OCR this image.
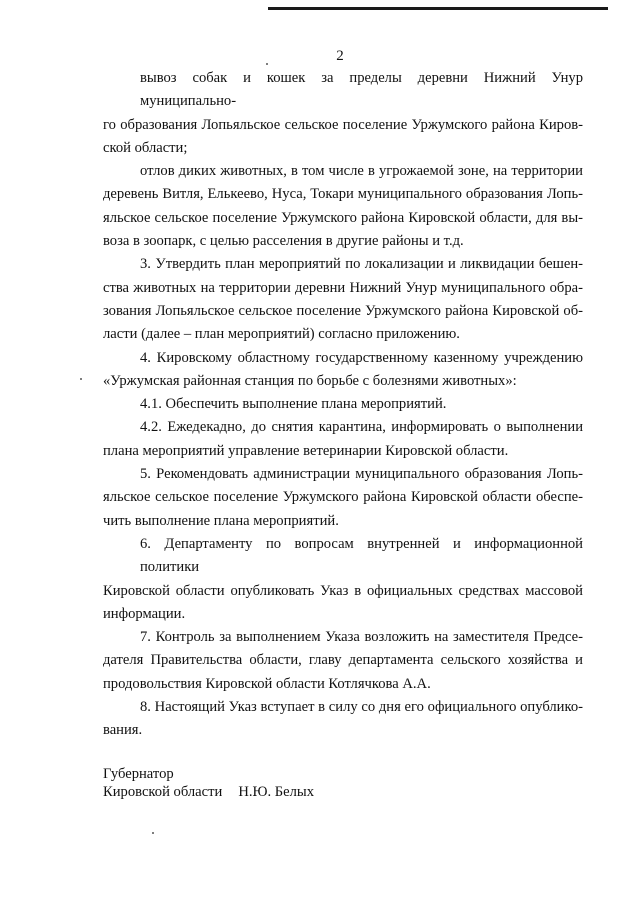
2
вывоз собак и кошек за пределы деревни Нижний Унур муниципально-
го образования Лопьяльское сельское поселение Уржумского района Киров-
ской области;
отлов диких животных, в том числе в угрожаемой зоне, на территории
деревень Витля, Елькеево, Нуса, Токари муниципального образования Лопь-
яльское сельское поселение Уржумского района Кировской области, для вы-
воза в зоопарк, с целью расселения в другие районы и т.д.
3. Утвердить план мероприятий по локализации и ликвидации бешен-
ства животных на территории деревни Нижний Унур муниципального обра-
зования Лопьяльское сельское поселение Уржумского района Кировской об-
ласти (далее – план мероприятий) согласно приложению.
4. Кировскому областному государственному казенному учреждению
«Уржумская районная станция по борьбе с болезнями животных»:
4.1. Обеспечить выполнение плана мероприятий.
4.2. Ежедекадно, до снятия карантина, информировать о выполнении
плана мероприятий управление ветеринарии Кировской области.
5. Рекомендовать администрации муниципального образования Лопь-
яльское сельское поселение Уржумского района Кировской области обеспе-
чить выполнение плана мероприятий.
6. Департаменту по вопросам внутренней и информационной политики
Кировской области опубликовать Указ в официальных средствах массовой
информации.
7. Контроль за выполнением Указа возложить на заместителя Предсе-
дателя Правительства области, главу департамента сельского хозяйства и
продовольствия Кировской области Котлячкова А.А.
8. Настоящий Указ вступает в силу со дня его официального опублико-
вания.
Губернатор
Кировской области Н.Ю. Белых
